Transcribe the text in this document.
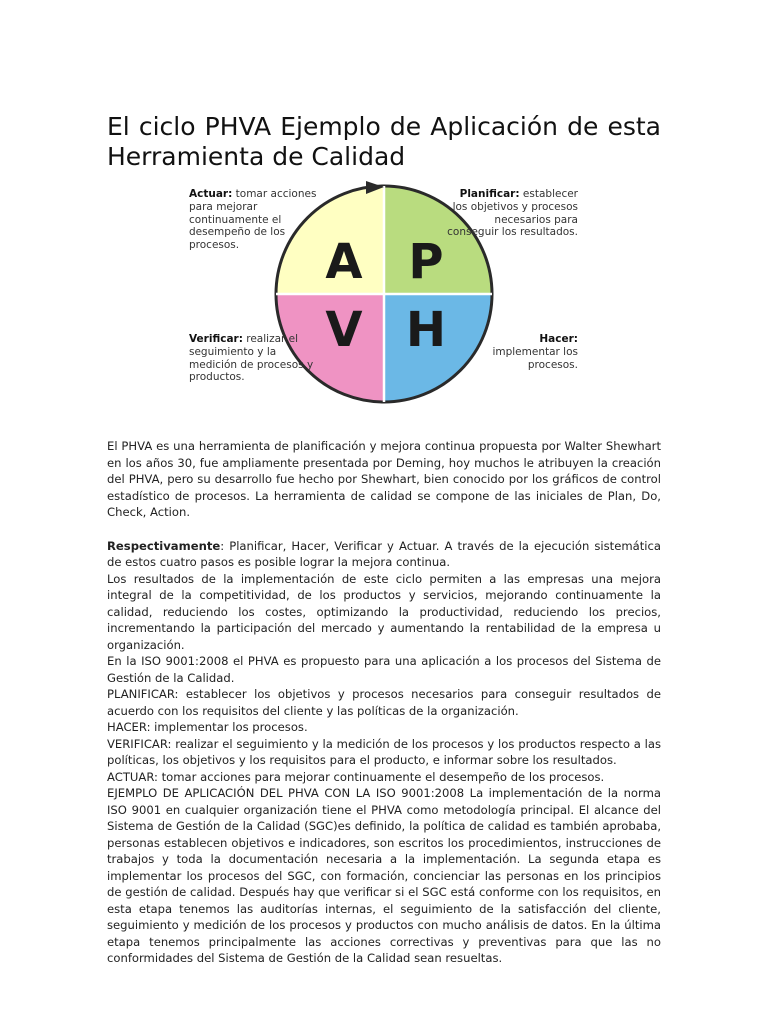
El ciclo PHVA Ejemplo de Aplicación de esta
Herramienta de Calidad
A P
V H
Actuar: tomar acciones para mejorar continuamente el desempeño de los procesos.
Planificar: establecer los objetivos y procesos necesarios para conseguir los resultados.
Verificar: realizar el seguimiento y la medición de procesos y productos.
Hacer:
implementar los procesos.

El PHVA es una herramienta de planificación y mejora continua propuesta por Walter Shewhart en los años 30, fue ampliamente presentada por Deming, hoy muchos le atribuyen la creación del PHVA, pero su desarrollo fue hecho por Shewhart, bien conocido por los gráficos de control estadístico de procesos. La herramienta de calidad se compone de las iniciales de Plan, Do, Check, Action.

Respectivamente: Planificar, Hacer, Verificar y Actuar. A través de la ejecución sistemática de estos cuatro pasos es posible lograr la mejora continua.

Los resultados de la implementación de este ciclo permiten a las empresas una mejora integral de la competitividad, de los productos y servicios, mejorando continuamente la calidad, reduciendo los costes, optimizando la productividad, reduciendo los precios, incrementando la participación del mercado y aumentando la rentabilidad de la empresa u organización.

En la ISO 9001:2008 el PHVA es propuesto para una aplicación a los procesos del Sistema de Gestión de la Calidad.

PLANIFICAR: establecer los objetivos y procesos necesarios para conseguir resultados de acuerdo con los requisitos del cliente y las políticas de la organización.

HACER: implementar los procesos.

VERIFICAR: realizar el seguimiento y la medición de los procesos y los productos respecto a las políticas, los objetivos y los requisitos para el producto, e informar sobre los resultados.

ACTUAR: tomar acciones para mejorar continuamente el desempeño de los procesos.

EJEMPLO DE APLICACIÓN DEL PHVA CON LA ISO 9001:2008 La implementación de la norma ISO 9001 en cualquier organización tiene el PHVA como metodología principal. El alcance del Sistema de Gestión de la Calidad (SGC)es definido, la política de calidad es también aprobaba, personas establecen objetivos e indicadores, son escritos los procedimientos, instrucciones de trabajos y toda la documentación necesaria a la implementación. La segunda etapa es implementar los procesos del SGC, con formación, concienciar las personas en los principios de gestión de calidad. Después hay que verificar si el SGC está conforme con los requisitos, en esta etapa tenemos las auditorías internas, el seguimiento de la satisfacción del cliente, seguimiento y medición de los procesos y productos con mucho análisis de datos. En la última etapa tenemos principalmente las acciones correctivas y preventivas para que las no conformidades del Sistema de Gestión de la Calidad sean resueltas.
